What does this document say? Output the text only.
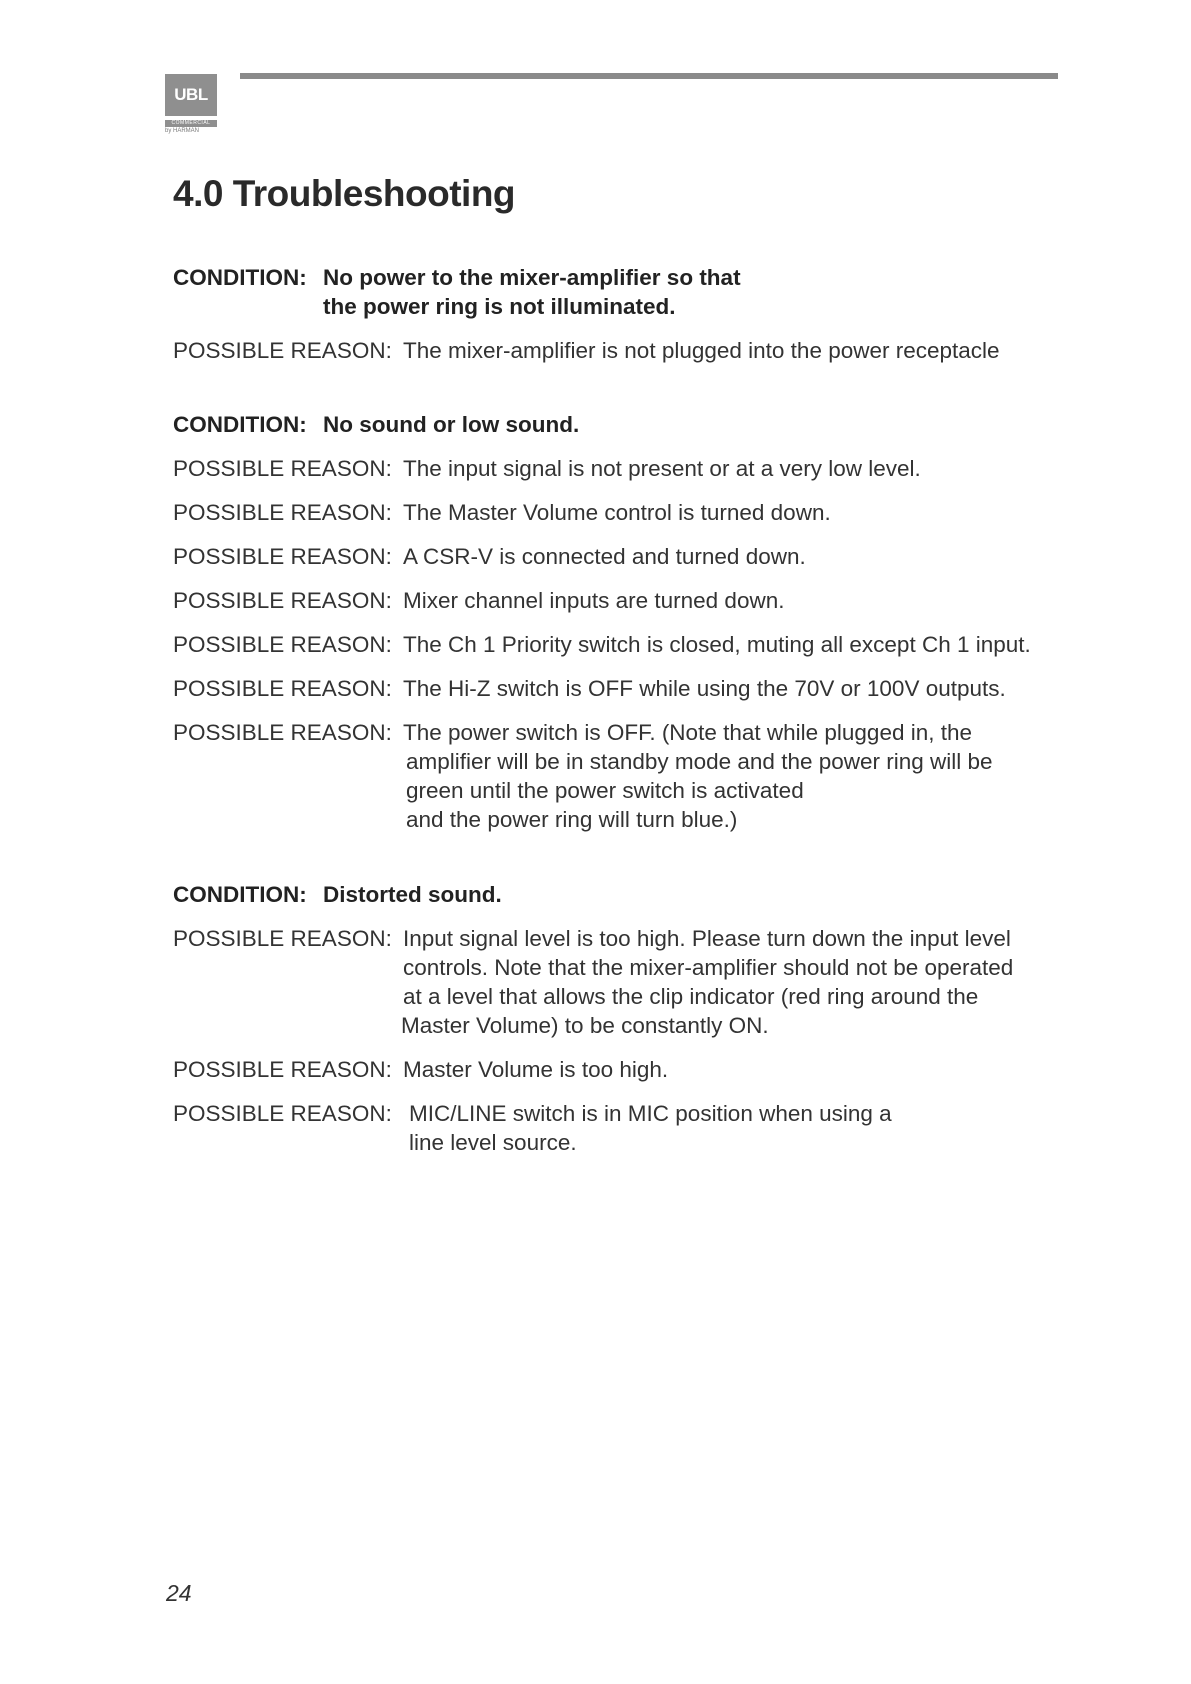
UBL
COMMERCIAL
by HARMAN
4.0 Troubleshooting
CONDITION: No power to the mixer-amplifier so that
the power ring is not illuminated.
POSSIBLE REASON: The mixer-amplifier is not plugged into the power receptacle
CONDITION: No sound or low sound.
POSSIBLE REASON: The input signal is not present or at a very low level.
POSSIBLE REASON: The Master Volume control is turned down.
POSSIBLE REASON: A CSR-V is connected and turned down.
POSSIBLE REASON: Mixer channel inputs are turned down.
POSSIBLE REASON: The Ch 1 Priority switch is closed, muting all except Ch 1 input.
POSSIBLE REASON: The Hi-Z switch is OFF while using the 70V or 100V outputs.
POSSIBLE REASON: The power switch is OFF. (Note that while plugged in, the
amplifier will be in standby mode and the power ring will be
green until the power switch is activated
and the power ring will turn blue.)
CONDITION: Distorted sound.
POSSIBLE REASON: Input signal level is too high. Please turn down the input level
controls. Note that the mixer-amplifier should not be operated
at a level that allows the clip indicator (red ring around the
Master Volume) to be constantly ON.
POSSIBLE REASON: Master Volume is too high.
POSSIBLE REASON: MIC/LINE switch is in MIC position when using a
line level source.
24
